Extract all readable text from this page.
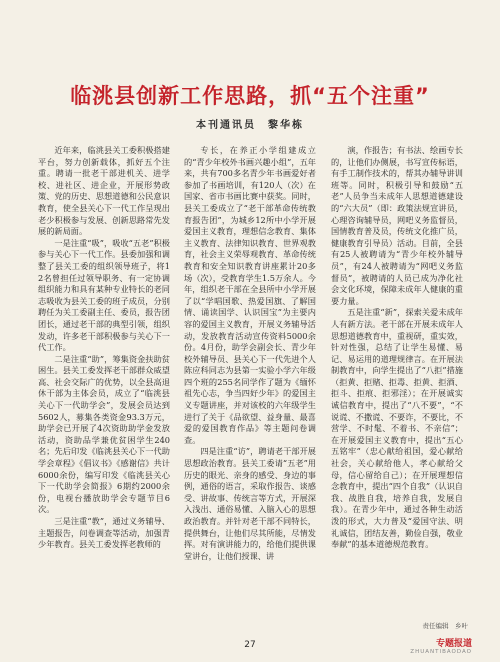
临洮县创新工作思路，抓“五个注重”
本刊通讯员　黎华栋

近年来，临洮县关工委积极搭建平台，努力创新载体，抓好五个注重。聘请一批老干部进机关、进学校、进社区、进企业，开展形势政策、党的历史、思想道德和公民意识教育，使全县关心下一代工作呈现出老少积极参与发展、创新思路常先发展的新局面。

一是注重“吸”，吸收“五老”积极参与关心下一代工作。县委加强和调整了县关工委的组织领导班子，将12名曾担任过领导职务、有一定协调组织能力和具有某种专业特长的老同志吸收为县关工委的班子成员，分别聘任为关工委副主任、委员，报告团团长，通过老干部的典型引领，组织发动，许多老干部积极参与关心下一代工作。

二是注重“助”，筹集资金扶助贫困生。县关工委发挥老干部群众威望高、社会交际广的优势，以全县高退休干部为主体会员，成立了“临洮县关心下一代助学会”，发展会员达到5602人，募集各类资金93.3万元，助学会已开展了4次资助助学金发放活动，资助品学兼优贫困学生240名；先后印发《临洮县关心下一代助学会章程》《倡议书》《感谢信》共计6000余份，编写印发《临洮县关心下一代助学会简报》6期约2000余份，电视台播放助学会专题节目6次。

三是注重“教”，通过义务辅导、主题报告，问卷调查等活动，加强青少年教育。县关工委发挥老教师的

专长，在养正小学组建成立的“青少年校外书画兴趣小组”，五年来，共有700多名青少年书画爱好者参加了书画培训，有120人（次）在国家、省市书画比赛中获奖。同时，县关工委成立了“老干部革命传统教育报告团”，为城乡12所中小学开展爱国主义教育，理想信念教育、集体主义教育、法律知识教育、世界观教育，社会主义荣辱观教育、革命传统教育和安全知识教育讲座累计20多场（次），受教育学生1.5万余人。今年，组织老干部在全县所中小学开展了以“学唱国歌、热爱国旗、了解国情、诵读国学、认识国宝”为主要内容的爱国主义教育，开展义务辅导活动，发放教育活动宣传资料5000余份。4月份，助学会副会长、青少年校外辅导员、县关心下一代先进个人陈应科同志为县第一实验小学六年级四个班的255名同学作了题为《缅怀祖先心志，争当四好少年》的爱国主义专题讲座，并对该校的六年级学生进行了关于《品欲望、益身量、最喜爱的爱国教育作品》等主题问卷调查。

四是注重“访”，聘请老干部开展思想政治教育。县关工委请“五老”用历史的眼光、亲身的感受、身边的事例，通俗的语言，采取作报告、谈感受、讲故事、传统言等方式，开展深入浅出、通俗易懂、入脑入心的思想政治教育。并针对老干部不同特长，提供舞台，让他们尽其所能，尽情发挥。对有演讲能力的，给他们提供课堂讲台，让他们授课、讲

演，作报告；有书法、绘画专长的，让他们办侧展，书写宣传标语，有手工制作技术的，帮其办辅导讲训班等。同时，积极引导和鼓励“五老”人员争当未成年人思想道德建设的“六大员”（即：政策法规宣讲员，心理咨询辅导员，网吧义务监督员，国情教育普及员，传统文化推广员，健康教育引导员）活动。目前，全县有25人被聘请为“青少年校外辅导员”，有24人被聘请为“网吧义务监督员”，被聘请的人员已成为净化社会文化环境，保障未成年人健康的重要力量。

五是注重“新”，探索关爱未成年人有新方法。老干部在开展未成年人思想道德教育中，重视研，重实效，针对性强，总结了让学生易懂、易记、易运用的道理规律言。在开展法制教育中，向学生提出了“八拒”措施（拒黄、拒赌、拒毒、拒黄、拒酒、拒斗、拒痕、拒邪淫）；在开展诚实诚信教育中，提出了“八不要”，“不说谎、不撒谎、不要诈，不要比，不营学、不时髦、不着书、不亲信”；在开展爱国主义教育中，提出“五心五铭牢”（忠心献给祖国，爱心献给社会，关心献给他人，孝心献给父母，信心留给自己）；在开展理想信念教育中，提出“四个自我”（认识自我、战胜自我，培养自我，发展自我）。在青少年中，通过各种生动活泼的形式，大力普及“爱国守法、明礼诚信，团结友善，勤俭自强，敬业奉献”的基本道德规范教育。

责任编辑　乡叶
27	专题报道
ZHUANTIBAODAO
